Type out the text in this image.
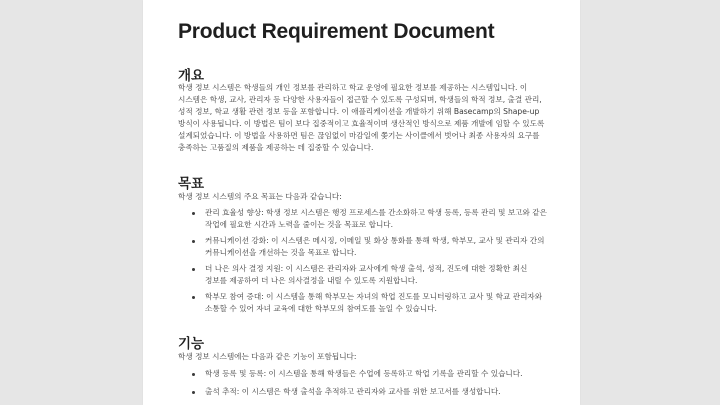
Product Requirement Document
개요

학생 정보 시스템은 학생들의 개인 정보를 관리하고 학교 운영에 필요한 정보를 제공하는 시스템입니다. 이 시스템은 학생, 교사, 관리자 등 다양한 사용자들이 접근할 수 있도록 구성되며, 학생들의 학적 정보, 출결 관리, 성적 정보, 학교 생활 관련 정보 등을 포함합니다. 이 애플리케이션을 개발하기 위해 Basecamp의 Shape-up 방식이 사용됩니다. 이 방법은 팀이 보다 집중적이고 효율적이며 생산적인 방식으로 제품 개발에 임할 수 있도록 설계되었습니다. 이 방법을 사용하면 팀은 끊임없이 마감일에 쫓기는 사이클에서 벗어나 최종 사용자의 요구를 충족하는 고품질의 제품을 제공하는 데 집중할 수 있습니다.

목표

학생 정보 시스템의 주요 목표는 다음과 같습니다:

관리 효율성 향상: 학생 정보 시스템은 행정 프로세스를 간소화하고 학생 등록, 등록 관리 및 보고와 같은 작업에 필요한 시간과 노력을 줄이는 것을 목표로 합니다.
커뮤니케이션 강화: 이 시스템은 메시징, 이메일 및 화상 통화를 통해 학생, 학부모, 교사 및 관리자 간의 커뮤니케이션을 개선하는 것을 목표로 합니다.
더 나은 의사 결정 지원: 이 시스템은 관리자와 교사에게 학생 출석, 성적, 진도에 대한 정확한 최신 정보를 제공하여 더 나은 의사결정을 내릴 수 있도록 지원합니다.
학부모 참여 증대: 이 시스템을 통해 학부모는 자녀의 학업 진도를 모니터링하고 교사 및 학교 관리자와 소통할 수 있어 자녀 교육에 대한 학부모의 참여도를 높일 수 있습니다.
기능

학생 정보 시스템에는 다음과 같은 기능이 포함됩니다:

학생 등록 및 등록: 이 시스템을 통해 학생들은 수업에 등록하고 학업 기록을 관리할 수 있습니다.
출석 추적: 이 시스템은 학생 출석을 추적하고 관리자와 교사를 위한 보고서를 생성합니다.
